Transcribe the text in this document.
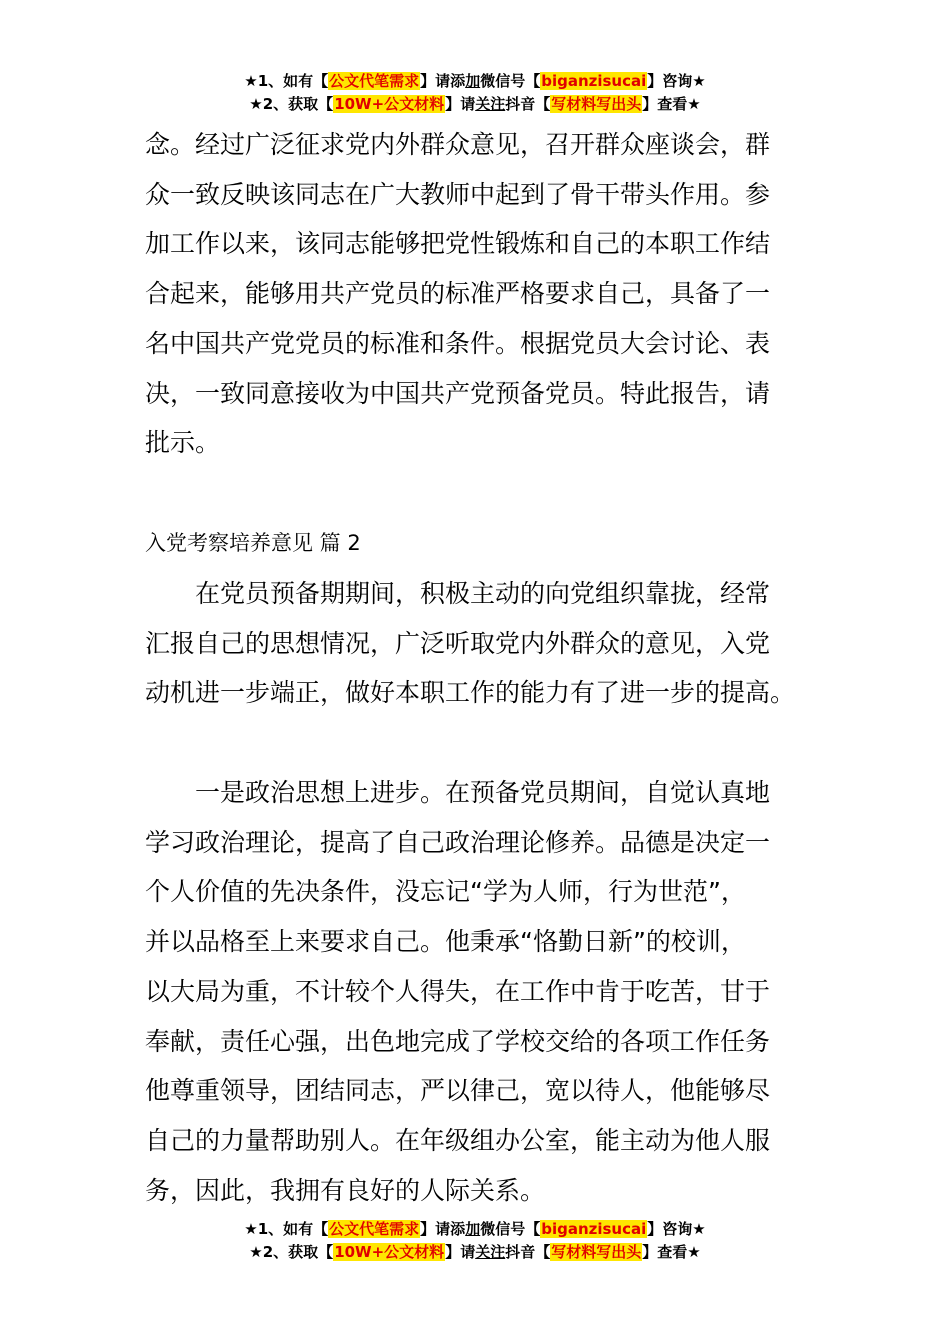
★1、如有【公文代笔需求】请添加微信号【biganzisucai】咨询★
★2、获取【10W+公文材料】请关注抖音【写材料写出头】查看★
念。经过广泛征求党内外群众意见，召开群众座谈会，群
众一致反映该同志在广大教师中起到了骨干带头作用。参
加工作以来，该同志能够把党性锻炼和自己的本职工作结
合起来，能够用共产党员的标准严格要求自己，具备了一
名中国共产党党员的标准和条件。根据党员大会讨论、表
决，一致同意接收为中国共产党预备党员。特此报告，请
批示。
入党考察培养意见 篇 2
在党员预备期期间，积极主动的向党组织靠拢，经常
汇报自己的思想情况，广泛听取党内外群众的意见，入党
动机进一步端正，做好本职工作的能力有了进一步的提高。
一是政治思想上进步。在预备党员期间，自觉认真地
学习政治理论，提高了自己政治理论修养。品德是决定一
个人价值的先决条件，没忘记“学为人师，行为世范”，
并以品格至上来要求自己。他秉承“恪勤日新”的校训，
以大局为重，不计较个人得失，在工作中肯于吃苦，甘于
奉献，责任心强，出色地完成了学校交给的各项工作任务
他尊重领导，团结同志，严以律己，宽以待人，他能够尽
自己的力量帮助别人。在年级组办公室，能主动为他人服
务，因此，我拥有良好的人际关系。
★1、如有【公文代笔需求】请添加微信号【biganzisucai】咨询★
★2、获取【10W+公文材料】请关注抖音【写材料写出头】查看★
